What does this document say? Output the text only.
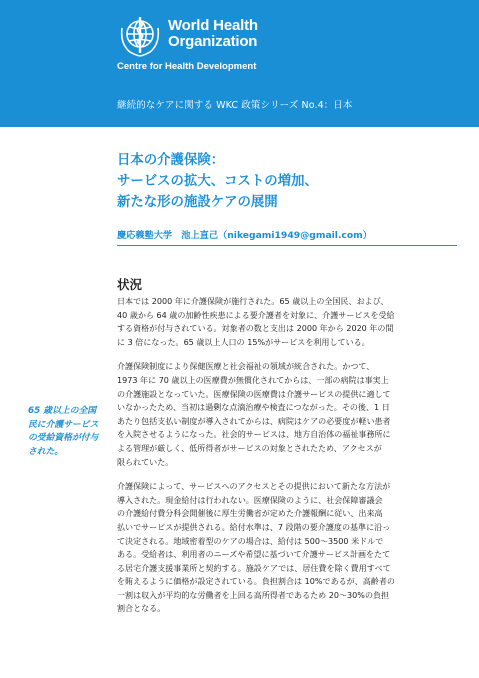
World Health
Organization
Centre for Health Development
継続的なケアに関する WKC 政策シリーズ No.4：日本
日本の介護保険：
サービスの拡大、コストの増加、
新たな形の施設ケアの展開
慶応義塾大学　池上直己（nikegami1949@gmail.com）
状況
65 歳以上の全国
民に介護サービス
の受給資格が付与
された。

日本では 2000 年に介護保険が施行された。65 歳以上の全国民、および、
40 歳から 64 歳の加齢性疾患による要介護者を対象に、介護サービスを受給
する資格が付与されている。対象者の数と支出は 2000 年から 2020 年の間
に 3 倍になった。65 歳以上人口の 15%がサービスを利用している。

介護保険制度により保健医療と社会福祉の領域が統合された。かつて、
1973 年に 70 歳以上の医療費が無償化されてからは、一部の病院は事実上
の介護施設となっていた。医療保険の医療費は介護サービスの提供に適して
いなかったため、当初は過剰な点滴治療や検査につながった。その後、1 日
あたり包括支払い制度が導入されてからは、病院はケアの必要度が軽い患者
を入院させるようになった。社会的サービスは、地方自治体の福祉事務所に
よる管理が厳しく、低所得者がサービスの対象とされたため、アクセスが
限られていた。

介護保険によって、サービスへのアクセスとその提供において新たな方法が
導入された。現金給付は行われない。医療保険のように、社会保障審議会
の介護給付費分科会開催後に厚生労働省が定めた介護報酬に従い、出来高
払いでサービスが提供される。給付水準は、7 段階の要介護度の基準に沿っ
て決定される。地域密着型のケアの場合は、給付は 500～3500 米ドルで
ある。受給者は、利用者のニーズや希望に基づいて介護サービス計画をたて
る居宅介護支援事業所と契約する。施設ケアでは、居住費を除く費用すべて
を賄えるように価格が設定されている。負担割合は 10%であるが、高齢者の
一割は収入が平均的な労働者を上回る高所得者であるため 20～30%の負担
割合となる。
